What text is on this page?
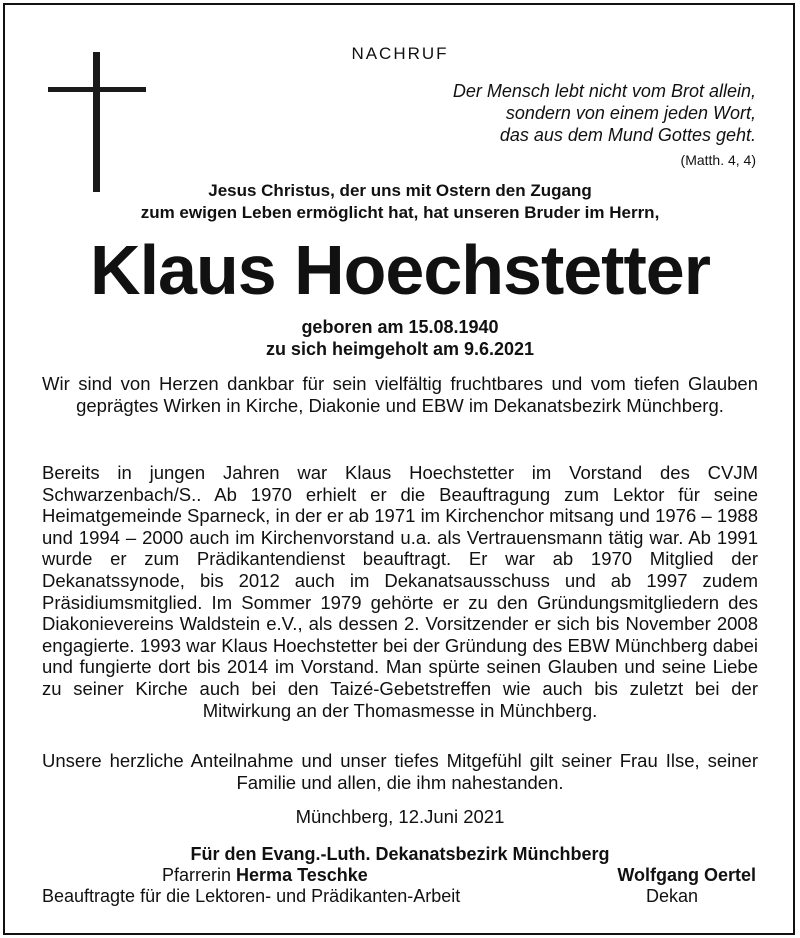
NACHRUF
Der Mensch lebt nicht vom Brot allein,
sondern von einem jeden Wort,
das aus dem Mund Gottes geht.
(Matth. 4, 4)
Jesus Christus, der uns mit Ostern den Zugang
zum ewigen Leben ermöglicht hat, hat unseren Bruder im Herrn,
Klaus Hoechstetter
geboren am 15.08.1940
zu sich heimgeholt am 9.6.2021
Wir sind von Herzen dankbar für sein vielfältig fruchtbares und vom tiefen Glauben geprägtes Wirken in Kirche, Diakonie und EBW im Dekanatsbezirk Münchberg.
Bereits in jungen Jahren war Klaus Hoechstetter im Vorstand des CVJM Schwarzenbach/S.. Ab 1970 erhielt er die Beauftragung zum Lektor für seine Heimatgemeinde Sparneck, in der er ab 1971 im Kirchenchor mitsang und 1976 – 1988 und 1994 – 2000 auch im Kirchenvorstand u.a. als Vertrauensmann tätig war. Ab 1991 wurde er zum Prädikantendienst beauftragt. Er war ab 1970 Mitglied der Dekanatssynode, bis 2012 auch im Dekanatsausschuss und ab 1997 zudem Präsidiumsmitglied. Im Sommer 1979 gehörte er zu den Gründungsmitgliedern des Diakonievereins Waldstein e.V., als dessen 2. Vorsitzender er sich bis November 2008 engagierte. 1993 war Klaus Hoechstetter bei der Gründung des EBW Münchberg dabei und fungierte dort bis 2014 im Vorstand. Man spürte seinen Glauben und seine Liebe zu seiner Kirche auch bei den Taizé-Gebetstreffen wie auch bis zuletzt bei der Mitwirkung an der Thomasmesse in Münchberg.
Unsere herzliche Anteilnahme und unser tiefes Mitgefühl gilt seiner Frau Ilse, seiner Familie und allen, die ihm nahestanden.
Münchberg, 12.Juni 2021
Für den Evang.-Luth. Dekanatsbezirk Münchberg
Pfarrerin Herma Teschke	Wolfgang Oertel
Beauftragte für die Lektoren- und Prädikanten-Arbeit	Dekan
